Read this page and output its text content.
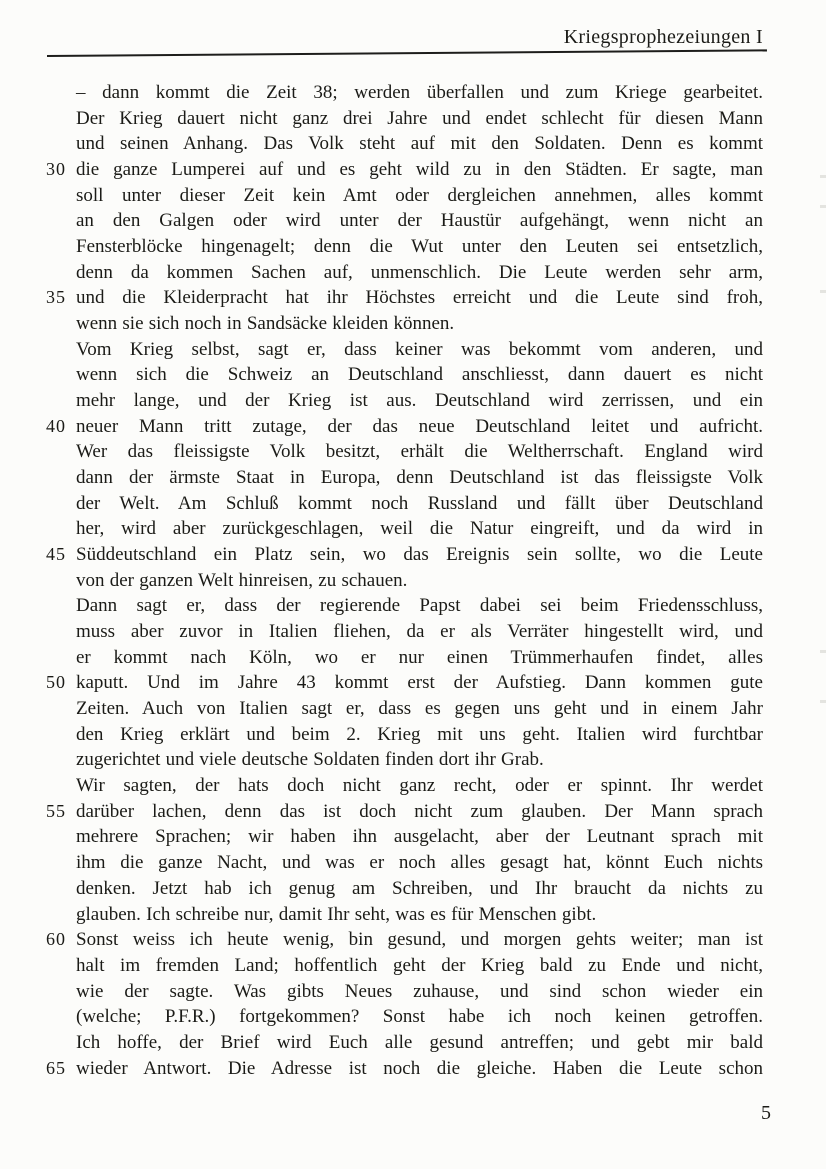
Kriegsprophezeiungen I
– dann kommt die Zeit 38; werden überfallen und zum Kriege gearbeitet.
Der Krieg dauert nicht ganz drei Jahre und endet schlecht für diesen Mann
und seinen Anhang. Das Volk steht auf mit den Soldaten. Denn es kommt
30 die ganze Lumperei auf und es geht wild zu in den Städten. Er sagte, man
soll unter dieser Zeit kein Amt oder dergleichen annehmen, alles kommt
an den Galgen oder wird unter der Haustür aufgehängt, wenn nicht an
Fensterblöcke hingenagelt; denn die Wut unter den Leuten sei entsetzlich,
denn da kommen Sachen auf, unmenschlich. Die Leute werden sehr arm,
35 und die Kleiderpracht hat ihr Höchstes erreicht und die Leute sind froh,
wenn sie sich noch in Sandsäcke kleiden können.
Vom Krieg selbst, sagt er, dass keiner was bekommt vom anderen, und
wenn sich die Schweiz an Deutschland anschliesst, dann dauert es nicht
mehr lange, und der Krieg ist aus. Deutschland wird zerrissen, und ein
40 neuer Mann tritt zutage, der das neue Deutschland leitet und aufricht.
Wer das fleissigste Volk besitzt, erhält die Weltherrschaft. England wird
dann der ärmste Staat in Europa, denn Deutschland ist das fleissigste Volk
der Welt. Am Schluß kommt noch Russland und fällt über Deutschland
her, wird aber zurückgeschlagen, weil die Natur eingreift, und da wird in
45 Süddeutschland ein Platz sein, wo das Ereignis sein sollte, wo die Leute
von der ganzen Welt hinreisen, zu schauen.
Dann sagt er, dass der regierende Papst dabei sei beim Friedensschluss,
muss aber zuvor in Italien fliehen, da er als Verräter hingestellt wird, und
er kommt nach Köln, wo er nur einen Trümmerhaufen findet, alles
50 kaputt. Und im Jahre 43 kommt erst der Aufstieg. Dann kommen gute
Zeiten. Auch von Italien sagt er, dass es gegen uns geht und in einem Jahr
den Krieg erklärt und beim 2. Krieg mit uns geht. Italien wird furchtbar
zugerichtet und viele deutsche Soldaten finden dort ihr Grab.
Wir sagten, der hats doch nicht ganz recht, oder er spinnt. Ihr werdet
55 darüber lachen, denn das ist doch nicht zum glauben. Der Mann sprach
mehrere Sprachen; wir haben ihn ausgelacht, aber der Leutnant sprach mit
ihm die ganze Nacht, und was er noch alles gesagt hat, könnt Euch nichts
denken. Jetzt hab ich genug am Schreiben, und Ihr braucht da nichts zu
glauben. Ich schreibe nur, damit Ihr seht, was es für Menschen gibt.
60 Sonst weiss ich heute wenig, bin gesund, und morgen gehts weiter; man ist
halt im fremden Land; hoffentlich geht der Krieg bald zu Ende und nicht,
wie der sagte. Was gibts Neues zuhause, und sind schon wieder ein
(welche; P.F.R.) fortgekommen? Sonst habe ich noch keinen getroffen.
Ich hoffe, der Brief wird Euch alle gesund antreffen; und gebt mir bald
65 wieder Antwort. Die Adresse ist noch die gleiche. Haben die Leute schon
5
